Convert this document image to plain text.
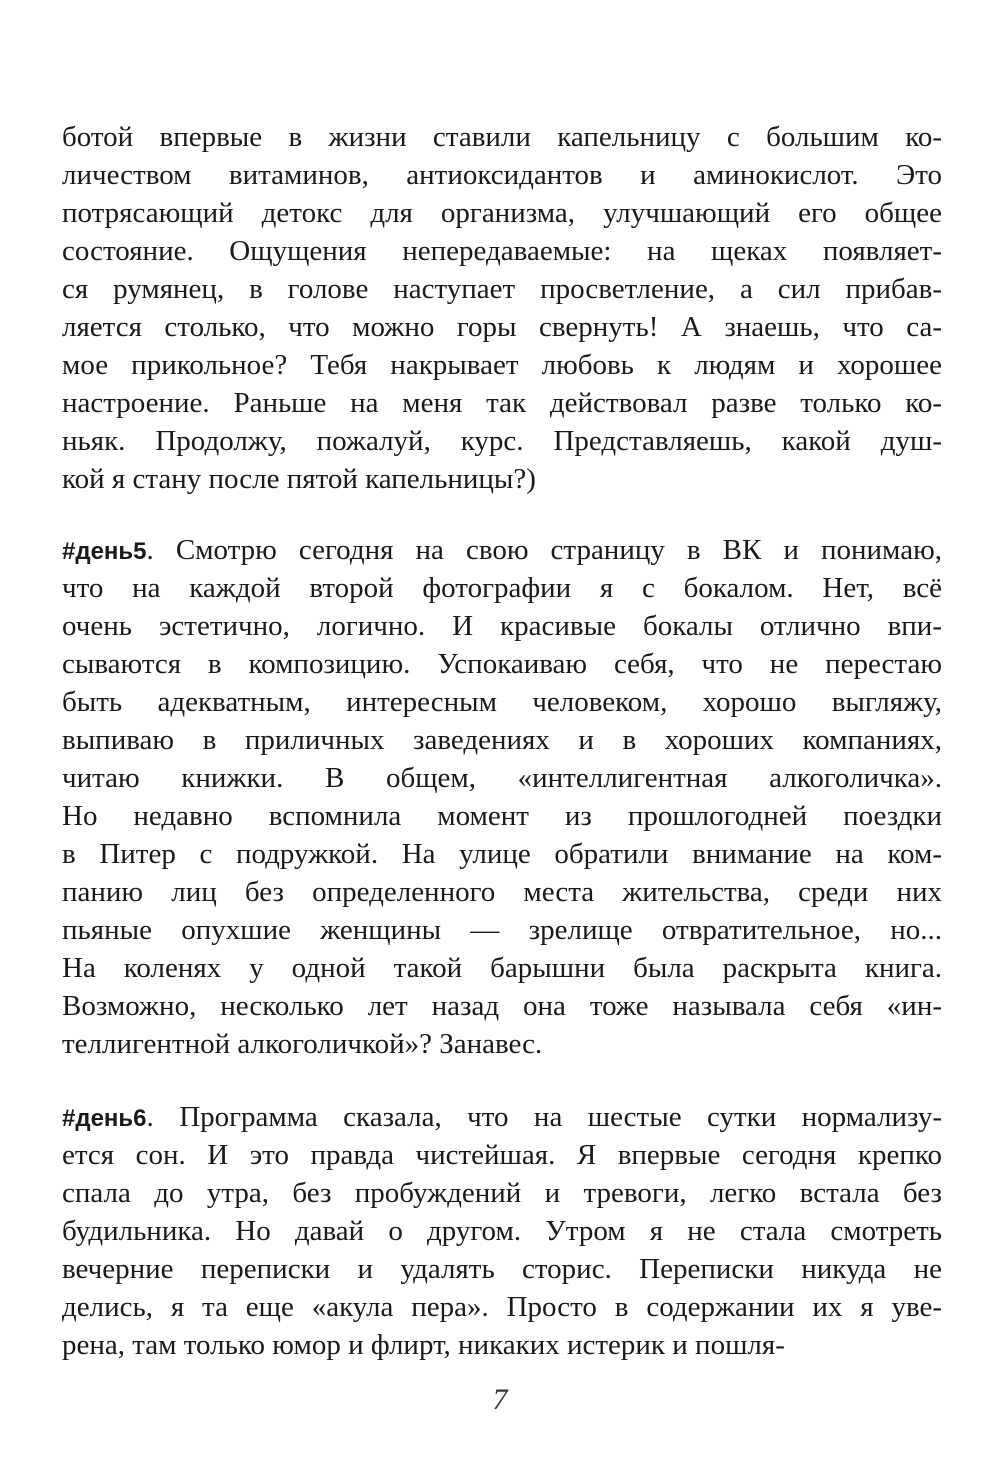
ботой впервые в жизни ставили капельницу с большим ко-
личеством витаминов, антиоксидантов и аминокислот. Это
потрясающий детокс для организма, улучшающий его общее
состояние. Ощущения непередаваемые: на щеках появляет-
ся румянец, в голове наступает просветление, а сил прибав-
ляется столько, что можно горы свернуть! А знаешь, что са-
мое прикольное? Тебя накрывает любовь к людям и хорошее
настроение. Раньше на меня так действовал разве только ко-
ньяк. Продолжу, пожалуй, курс. Представляешь, какой душ-
кой я стану после пятой капельницы?)
#день5. Смотрю сегодня на свою страницу в ВК и понимаю,
что на каждой второй фотографии я с бокалом. Нет, всё
очень эстетично, логично. И красивые бокалы отлично впи-
сываются в композицию. Успокаиваю себя, что не перестаю
быть адекватным, интересным человеком, хорошо выгляжу,
выпиваю в приличных заведениях и в хороших компаниях,
читаю книжки. В общем, «интеллигентная алкоголичка».
Но недавно вспомнила момент из прошлогодней поездки
в Питер с подружкой. На улице обратили внимание на ком-
панию лиц без определенного места жительства, среди них
пьяные опухшие женщины — зрелище отвратительное, но...
На коленях у одной такой барышни была раскрыта книга.
Возможно, несколько лет назад она тоже называла себя «ин-
теллигентной алкоголичкой»? Занавес.
#день6. Программа сказала, что на шестые сутки нормализу-
ется сон. И это правда чистейшая. Я впервые сегодня крепко
спала до утра, без пробуждений и тревоги, легко встала без
будильника. Но давай о другом. Утром я не стала смотреть
вечерние переписки и удалять сторис. Переписки никуда не
делись, я та еще «акула пера». Просто в содержании их я уве-
рена, там только юмор и флирт, никаких истерик и пошля-
7
